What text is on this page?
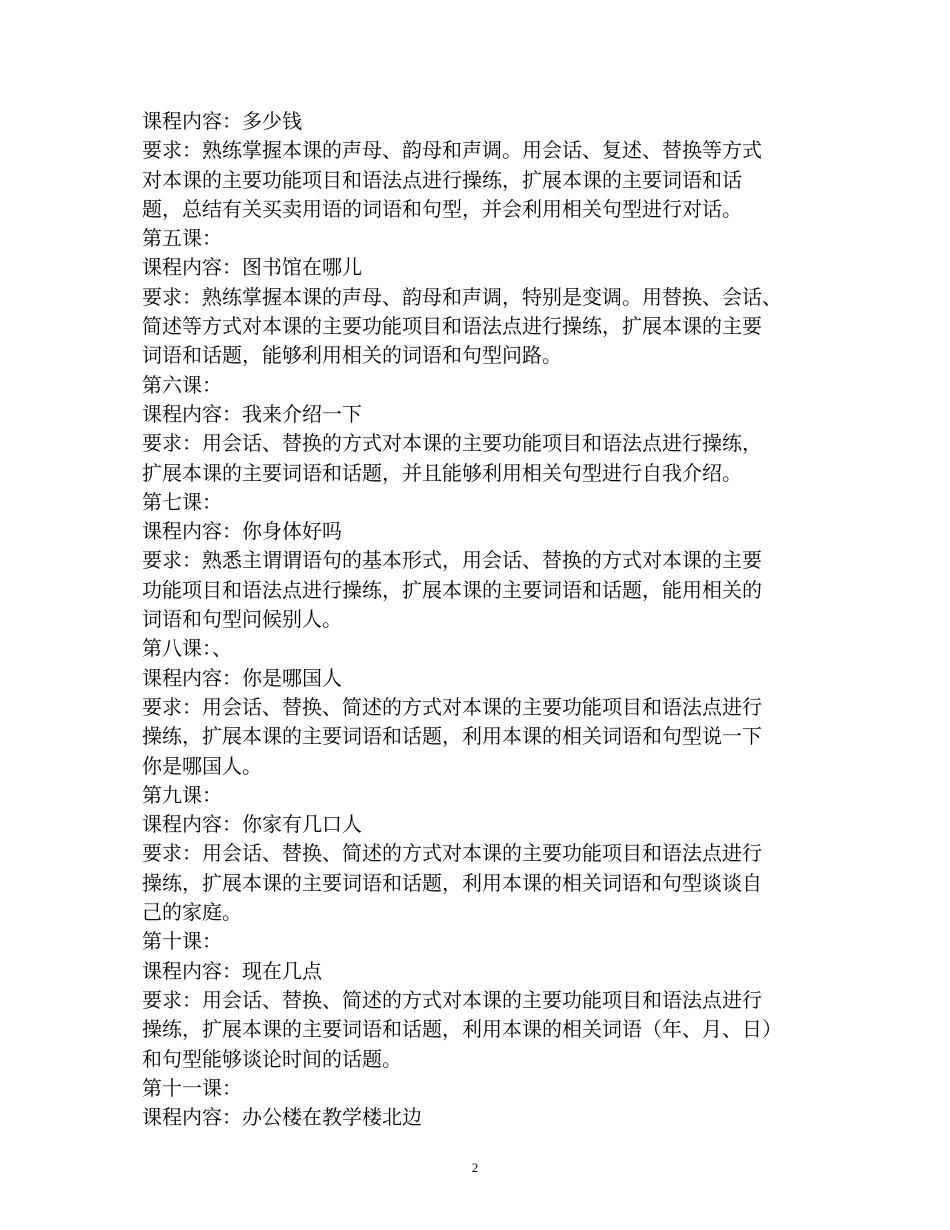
课程内容：多少钱
要求：熟练掌握本课的声母、韵母和声调。用会话、复述、替换等方式
对本课的主要功能项目和语法点进行操练，扩展本课的主要词语和话
题，总结有关买卖用语的词语和句型，并会利用相关句型进行对话。
第五课：
课程内容：图书馆在哪儿
要求：熟练掌握本课的声母、韵母和声调，特别是变调。用替换、会话、
简述等方式对本课的主要功能项目和语法点进行操练，扩展本课的主要
词语和话题，能够利用相关的词语和句型问路。
第六课：
课程内容：我来介绍一下
要求：用会话、替换的方式对本课的主要功能项目和语法点进行操练，
扩展本课的主要词语和话题，并且能够利用相关句型进行自我介绍。
第七课：
课程内容：你身体好吗
要求：熟悉主谓谓语句的基本形式，用会话、替换的方式对本课的主要
功能项目和语法点进行操练，扩展本课的主要词语和话题，能用相关的
词语和句型问候别人。
第八课：、
课程内容：你是哪国人
要求：用会话、替换、简述的方式对本课的主要功能项目和语法点进行
操练，扩展本课的主要词语和话题，利用本课的相关词语和句型说一下
你是哪国人。
第九课：
课程内容：你家有几口人
要求：用会话、替换、简述的方式对本课的主要功能项目和语法点进行
操练，扩展本课的主要词语和话题，利用本课的相关词语和句型谈谈自
己的家庭。
第十课：
课程内容：现在几点
要求：用会话、替换、简述的方式对本课的主要功能项目和语法点进行
操练，扩展本课的主要词语和话题，利用本课的相关词语（年、月、日）
和句型能够谈论时间的话题。
第十一课：
课程内容：办公楼在教学楼北边
2
